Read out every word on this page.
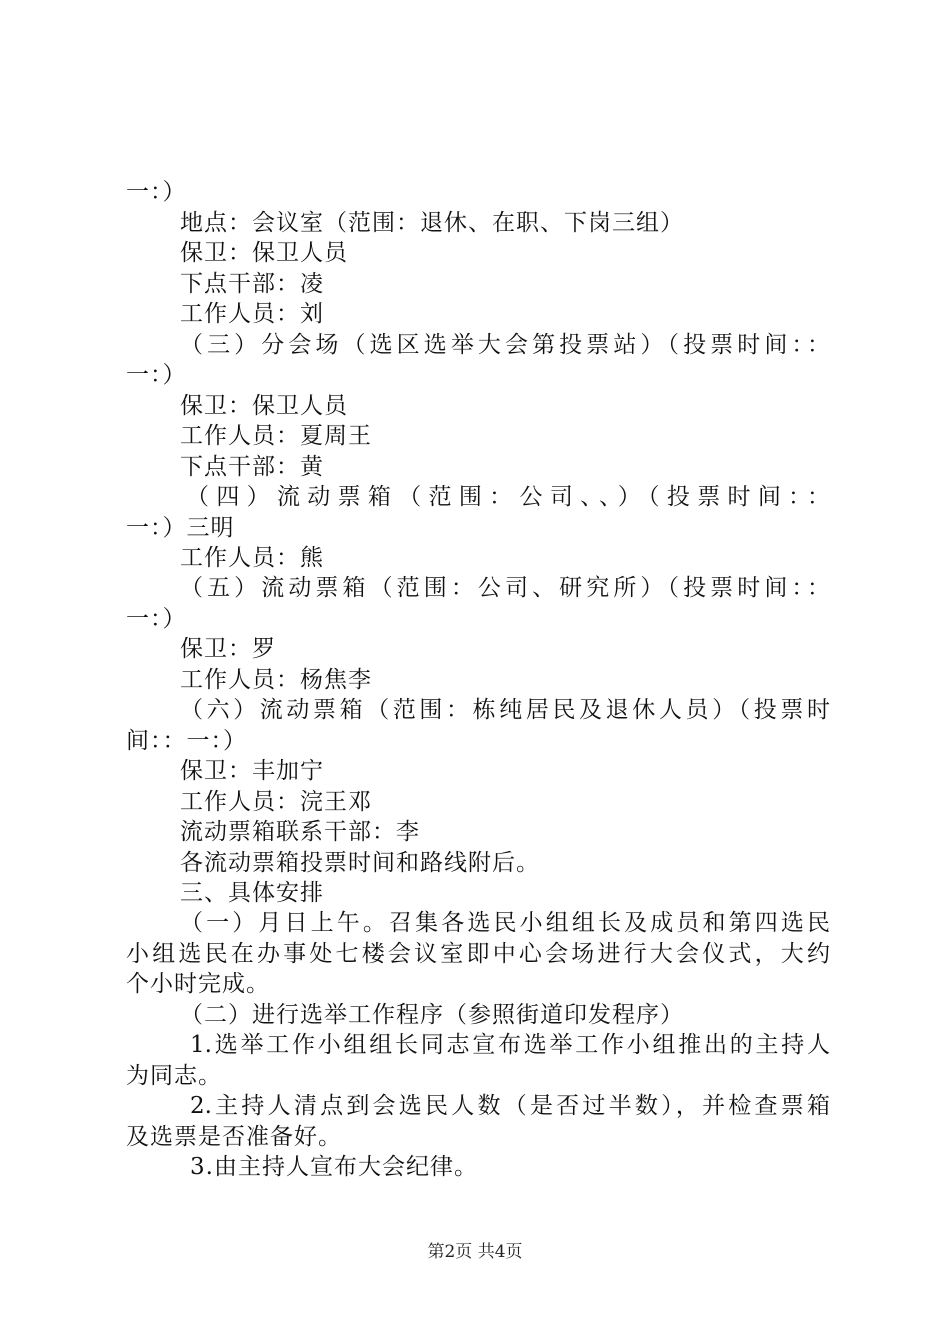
一：）
地点：会议室（范围：退休、在职、下岗三组）
保卫：保卫人员
下点干部：凌
工作人员：刘
（三）分会场（选区选举大会第投票站）（投票时间：：
一：）
保卫：保卫人员
工作人员：夏周王
下点干部：黄
（四）流动票箱（范围：公司、、）（投票时间：：
一：）三明
工作人员：熊
（五）流动票箱（范围：公司、研究所）（投票时间：：
一：）
保卫：罗
工作人员：杨焦李
（六）流动票箱（范围：栋纯居民及退休人员）（投票时
间：：一：）
保卫：丰加宁
工作人员：浣王邓
流动票箱联系干部：李
各流动票箱投票时间和路线附后。
三、具体安排
（一）月日上午。召集各选民小组组长及成员和第四选民
小组选民在办事处七楼会议室即中心会场进行大会仪式，大约
个小时完成。
（二）进行选举工作程序（参照街道印发程序）
1.选举工作小组组长同志宣布选举工作小组推出的主持人
为同志。
2.主持人清点到会选民人数（是否过半数），并检查票箱
及选票是否准备好。
3.由主持人宣布大会纪律。
第2页 共4页
